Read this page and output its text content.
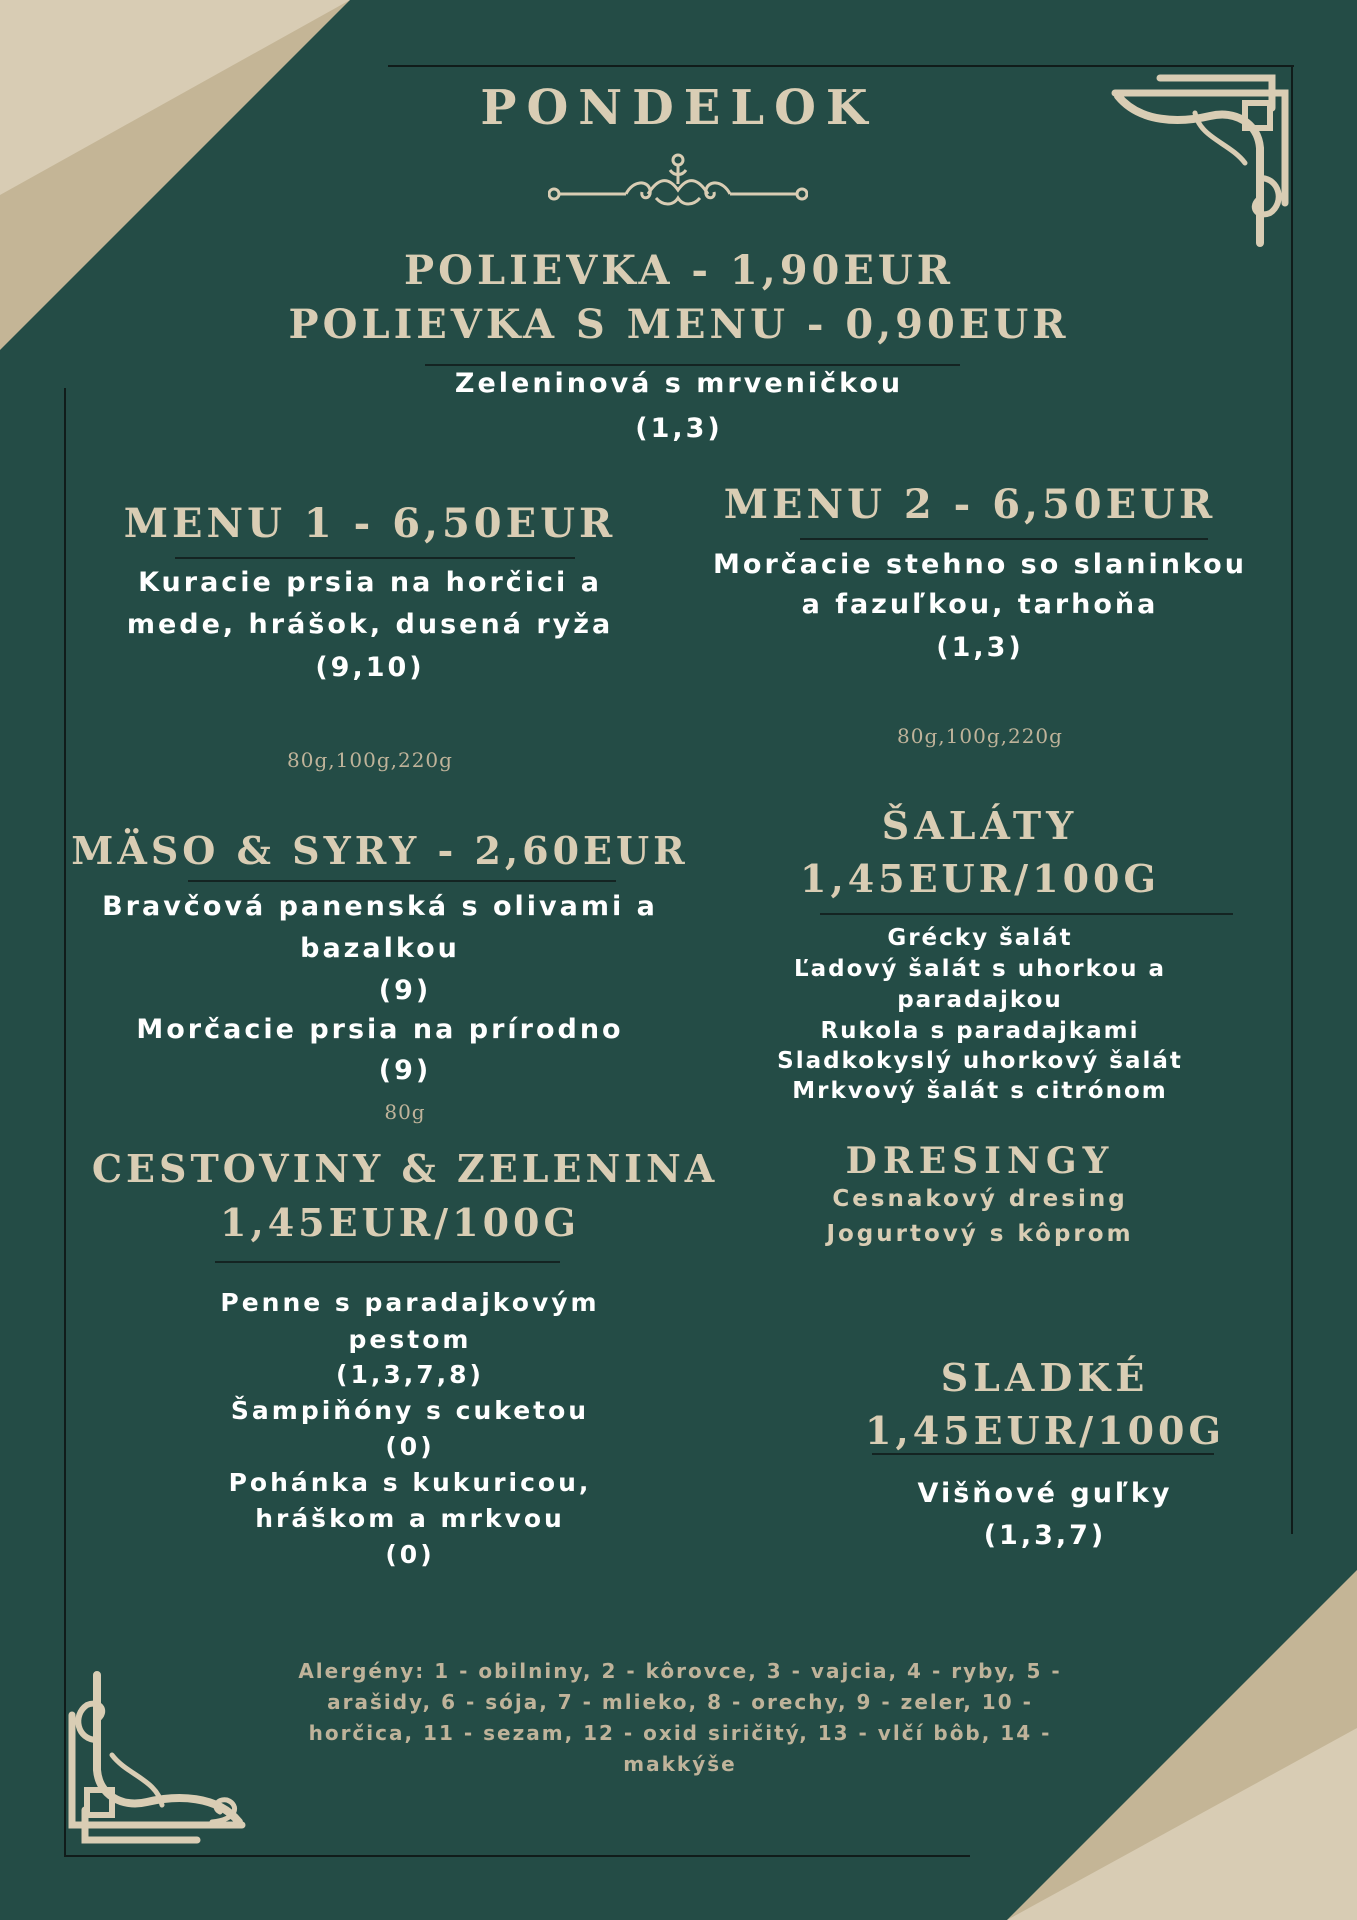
PONDELOK
POLIEVKA - 1,90EUR
POLIEVKA S MENU - 0,90EUR
Zeleninová s mrveničkou
(1,3)
MENU 1 - 6,50EUR
Kuracie prsia na horčici a
mede, hrášok, dusená ryža
(9,10)
80g,100g,220g
MENU 2 - 6,50EUR
Morčacie stehno so slaninkou
a fazuľkou, tarhoňa
(1,3)
80g,100g,220g
MÄSO & SYRY - 2,60EUR
Bravčová panenská s olivami a
bazalkou
(9)
Morčacie prsia na prírodno
(9)
80g
ŠALÁTY
1,45EUR/100G
Grécky šalát
Ľadový šalát s uhorkou a
paradajkou
Rukola s paradajkami
Sladkokyslý uhorkový šalát
Mrkvový šalát s citrónom
DRESINGY
Cesnakový dresing
Jogurtový s kôprom
CESTOVINY & ZELENINA
1,45EUR/100G
Penne s paradajkovým
pestom
(1,3,7,8)
Šampiňóny s cuketou
(0)
Pohánka s kukuricou,
hráškom a mrkvou
(0)
SLADKÉ
1,45EUR/100G
Višňové guľky
(1,3,7)
Alergény: 1 - obilniny, 2 - kôrovce, 3 - vajcia, 4 - ryby, 5 -
arašidy, 6 - sója, 7 - mlieko, 8 - orechy, 9 - zeler, 10 -
horčica, 11 - sezam, 12 - oxid siričitý, 13 - vlčí bôb, 14 -
makkýše
